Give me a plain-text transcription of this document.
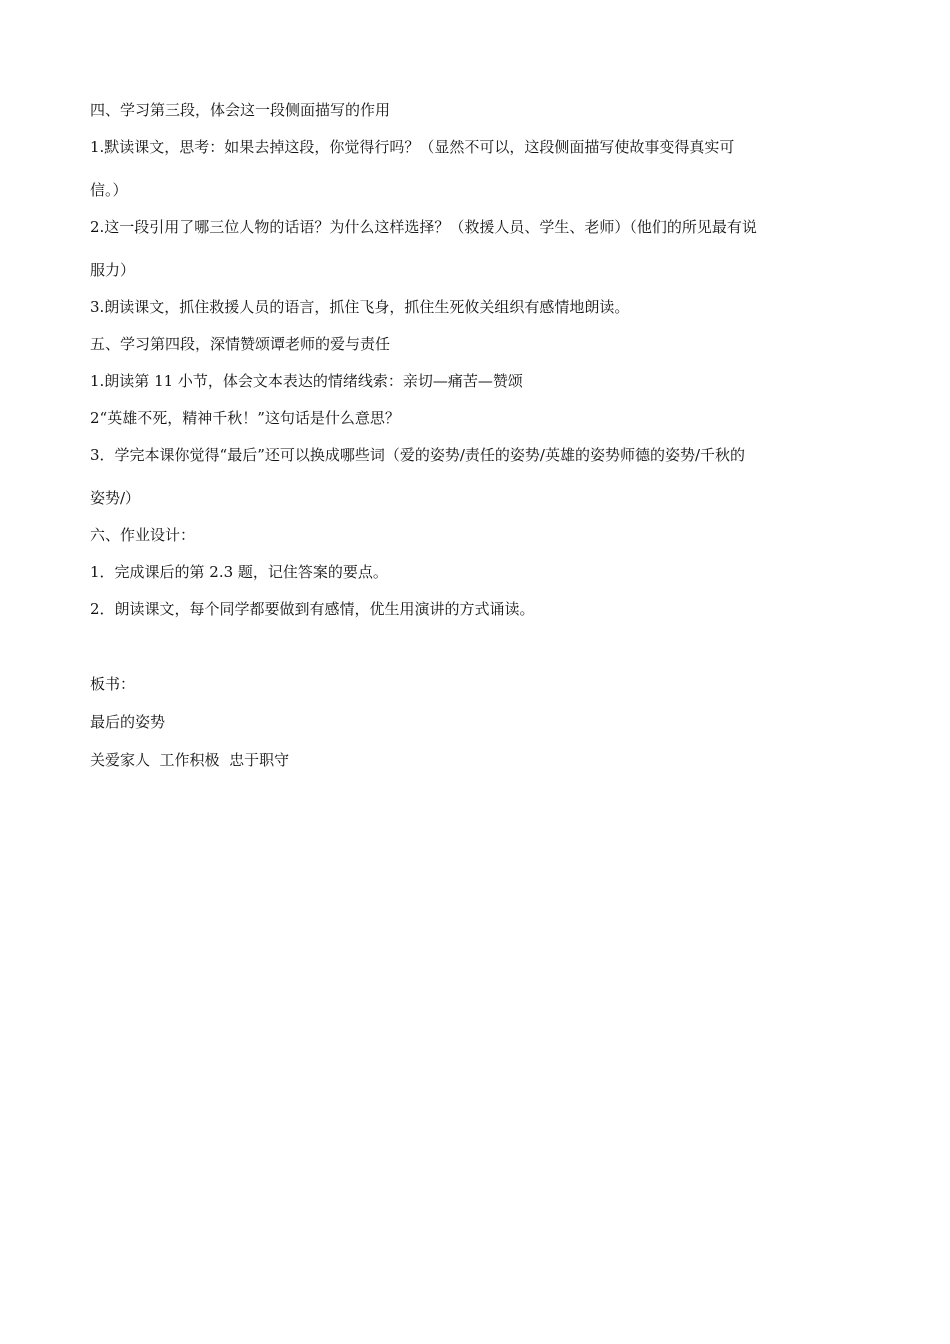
四、学习第三段，体会这一段侧面描写的作用

1.默读课文，思考：如果去掉这段，你觉得行吗？（显然不可以，这段侧面描写使故事变得真实可

信。）

2.这一段引用了哪三位人物的话语？为什么这样选择？（救援人员、学生、老师）（他们的所见最有说

服力）

3.朗读课文，抓住救援人员的语言，抓住飞身，抓住生死攸关组织有感情地朗读。

五、学习第四段，深情赞颂谭老师的爱与责任

1.朗读第 11 小节，体会文本表达的情绪线索：亲切—痛苦—赞颂

2“英雄不死，精神千秋！”这句话是什么意思？

3．学完本课你觉得“最后”还可以换成哪些词（爱的姿势/责任的姿势/英雄的姿势师德的姿势/千秋的

姿势/）

六、作业设计：

1．完成课后的第 2.3 题，记住答案的要点。

2．朗读课文，每个同学都要做到有感情，优生用演讲的方式诵读。

板书：

最后的姿势

关爱家人  工作积极  忠于职守
